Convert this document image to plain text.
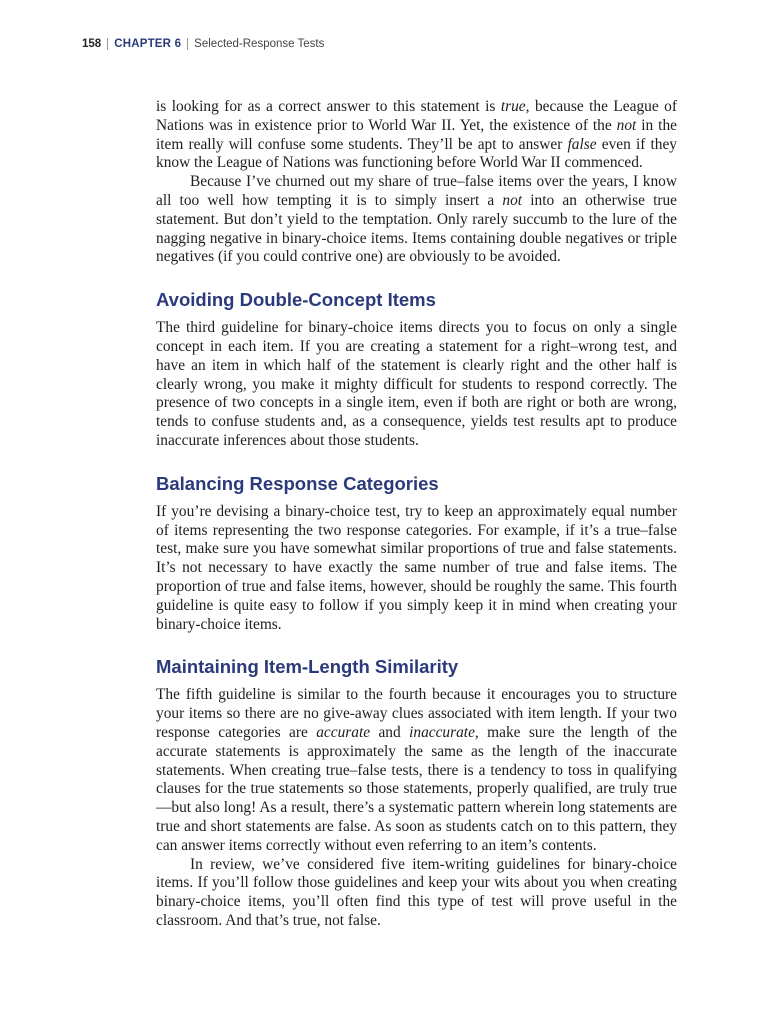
158 CHAPTER 6 Selected-Response Tests

is looking for as a correct answer to this statement is true, because the League of Nations was in existence prior to World War II. Yet, the existence of the not in the item really will confuse some students. They’ll be apt to answer false even if they know the League of Nations was functioning before World War II commenced.

Because I’ve churned out my share of true–false items over the years, I know all too well how tempting it is to simply insert a not into an otherwise true statement. But don’t yield to the temptation. Only rarely succumb to the lure of the nagging negative in binary-choice items. Items containing double negatives or triple negatives (if you could contrive one) are obviously to be avoided.

Avoiding Double-Concept Items

The third guideline for binary-choice items directs you to focus on only a single concept in each item. If you are creating a statement for a right–wrong test, and have an item in which half of the statement is clearly right and the other half is clearly wrong, you make it mighty difficult for students to respond correctly. The presence of two concepts in a single item, even if both are right or both are wrong, tends to confuse students and, as a consequence, yields test results apt to produce inaccurate inferences about those students.

Balancing Response Categories

If you’re devising a binary-choice test, try to keep an approximately equal number of items representing the two response categories. For example, if it’s a true–false test, make sure you have somewhat similar proportions of true and false statements. It’s not necessary to have exactly the same number of true and false items. The proportion of true and false items, however, should be roughly the same. This fourth guideline is quite easy to follow if you simply keep it in mind when creating your binary-choice items.

Maintaining Item-Length Similarity

The fifth guideline is similar to the fourth because it encourages you to structure your items so there are no give-away clues associated with item length. If your two response categories are accurate and inaccurate, make sure the length of the accurate statements is approximately the same as the length of the inaccurate statements. When creating true–false tests, there is a tendency to toss in qualifying clauses for the true statements so those statements, properly qualified, are truly true—but also long! As a result, there’s a systematic pattern wherein long statements are true and short statements are false. As soon as students catch on to this pattern, they can answer items correctly without even referring to an item’s contents.

In review, we’ve considered five item-writing guidelines for binary-choice items. If you’ll follow those guidelines and keep your wits about you when creating binary-choice items, you’ll often find this type of test will prove useful in the classroom. And that’s true, not false.
